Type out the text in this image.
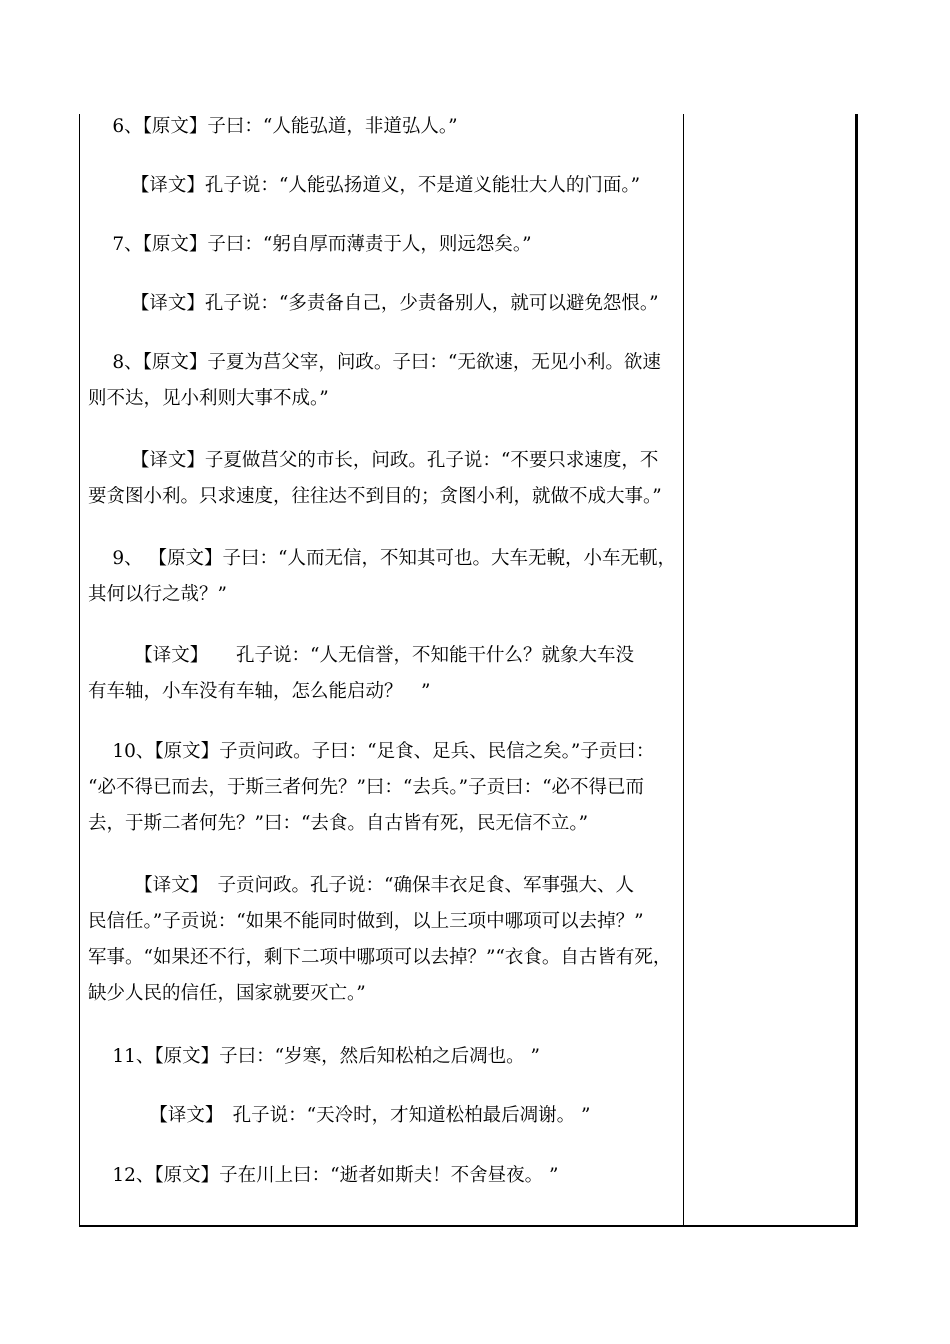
　 6、【原文】子曰：“人能弘道，非道弘人。”

　　 【译文】孔子说：“人能弘扬道义，不是道义能壮大人的门面。”

　 7、【原文】子曰：“躬自厚而薄责于人，则远怨矣。”

　　 【译文】孔子说：“多责备自己，少责备别人，就可以避免怨恨。”

　 8、【原文】子夏为莒父宰，问政。子曰：“无欲速，无见小利。欲速
则不达，见小利则大事不成。”

　　 【译文】子夏做莒父的市长，问政。孔子说：“不要只求速度，不
要贪图小利。只求速度，往往达不到目的；贪图小利，就做不成大事。”

　 9、 【原文】子曰：“人而无信，不知其可也。大车无輗，小车无軏，
其何以行之哉？”

　　　【译文】　　孔子说：“人无信誉，不知能干什么？就象大车没
有车轴，小车没有车轴，怎么能启动？　”

　 10、【原文】子贡问政。子曰：“足食、足兵、民信之矣。”子贡曰：
“必不得已而去，于斯三者何先？”曰：“去兵。”子贡曰：“必不得已而
去，于斯二者何先？”曰：“去食。自古皆有死，民无信不立。”

　　　【译文】　子贡问政。孔子说：“确保丰衣足食、军事强大、人
民信任。”子贡说：“如果不能同时做到，以上三项中哪项可以去掉？”
军事。“如果还不行，剩下二项中哪项可以去掉？”“衣食。自古皆有死，
缺少人民的信任，国家就要灭亡。”

　 11、【原文】子曰：“岁寒，然后知松柏之后凋也。 ”

　　　 【译文】　孔子说：“天冷时，才知道松柏最后凋谢。 ”

　 12、【原文】子在川上曰：“逝者如斯夫！不舍昼夜。 ”
